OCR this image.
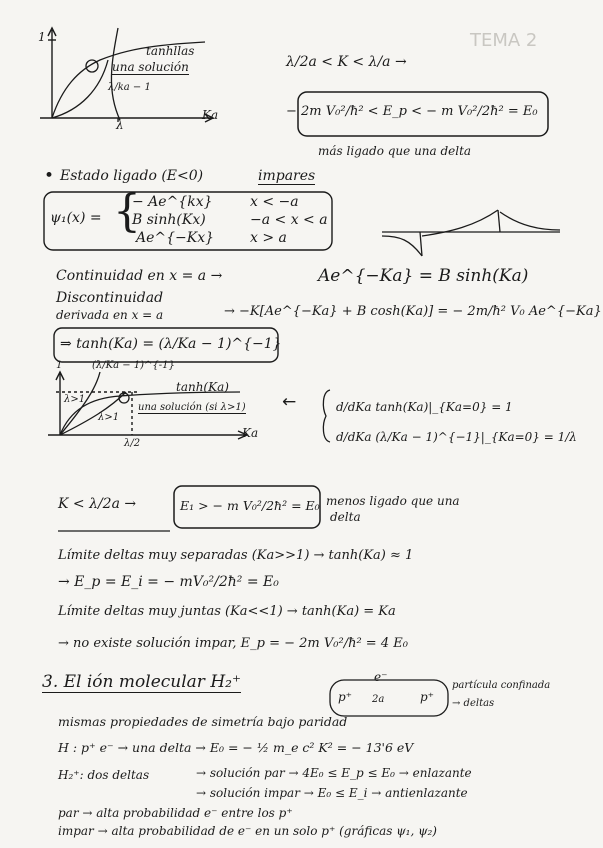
TEMA 2
1
tanhllas
una solución
λ/ka − 1
λ
Ka
λ/2a < K < λ/a →
− 2m V₀²/ħ² < E_p < − m V₀²/2ħ² = E₀
más ligado que una delta
• Estado ligado (E<0)	impares
ψ₁(x) = {
− Ae^{kx}	x < −a
B sinh(Kx)	−a < x < a
Ae^{−Kx}	x > a
Continuidad en x = a →	Ae^{−Ka} = B sinh(Ka)
Discontinuidad
derivada en x = a	→ −K[Ae^{−Ka} + B cosh(Ka)] = − 2m/ħ² V₀ Ae^{−Ka}
⇒ tanh(Ka) = (λ/Ka − 1)^{−1}
1	(λ/Ka − 1)^{-1}
λ>1
λ>1
tanh(Ka)
una solución (si λ>1)
λ/2
Ka
←	d/dKa tanh(Ka)|_{Ka=0} = 1
d/dKa (λ/Ka − 1)^{−1}|_{Ka=0} = 1/λ
K < λ/2a →	E₁ > − m V₀²/2ħ² = E₀ menos ligado que una
delta
Límite deltas muy separadas (Ka>>1) → tanh(Ka) ≈ 1
→ E_p = E_i = − mV₀²/2ħ² = E₀
Límite deltas muy juntas (Ka<<1) → tanh(Ka) = Ka
→ no existe solución impar, E_p = − 2m V₀²/ħ² = 4 E₀
3. El ión molecular H₂⁺	e⁻
p⁺ 2a	p⁺
partícula confinada
→ deltas
mismas propiedades de simetría bajo paridad
H : p⁺ e⁻ → una delta → E₀ = − ½ m_e c² K² = − 13'6 eV
H₂⁺: dos deltas	→ solución par → 4E₀ ≤ E_p ≤ E₀ → enlazante
→ solución impar → E₀ ≤ E_i → antienlazante
par → alta probabilidad e⁻ entre los p⁺
impar → alta probabilidad de e⁻ en un solo p⁺ (gráficas ψ₁, ψ₂)
